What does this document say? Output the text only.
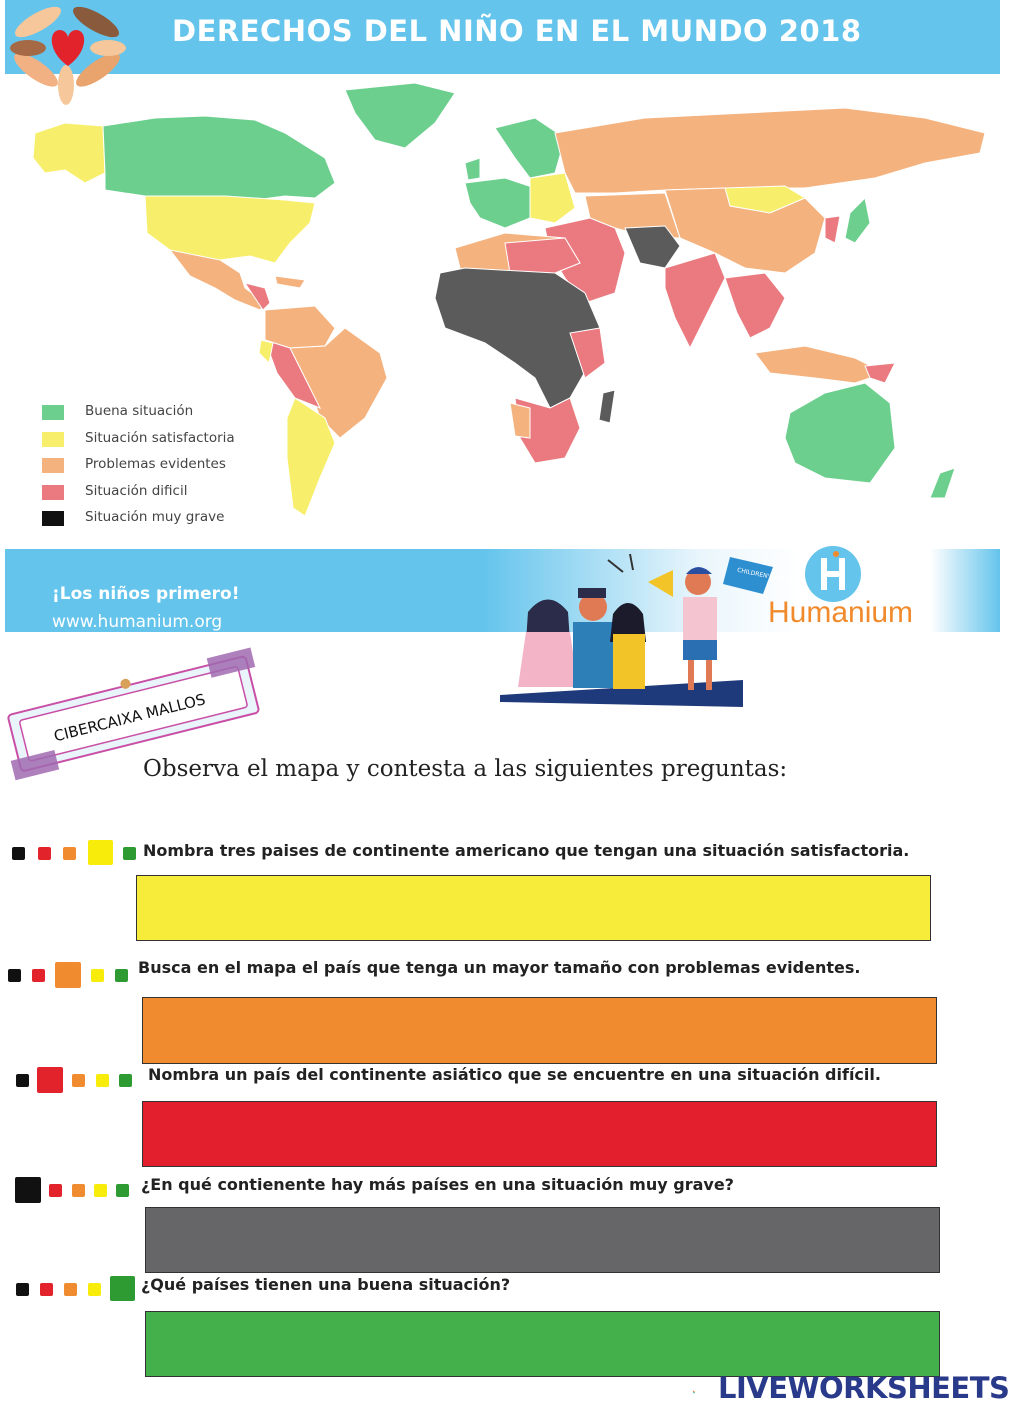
DERECHOS DEL NIÑO EN EL MUNDO 2018
Buena situación
Situación satisfactoria
Problemas evidentes
Situación dificil
Situación muy grave
¡Los niños primero!
www.humanium.org
CHILDREN'S RIGHTS
Humanium
CIBERCAIXA MALLOS
Observa el mapa y contesta a las siguientes preguntas:
Nombra tres paises de continente americano que tengan una situación satisfactoria.
Busca en el mapa el país que tenga un mayor tamaño con problemas evidentes.
Nombra un país del continente asiático que se encuentre en una situación difícil.
¿En qué contienente hay más países en una situación muy grave?
¿Qué países tienen una buena situación?
LIVEWORKSHEETS
